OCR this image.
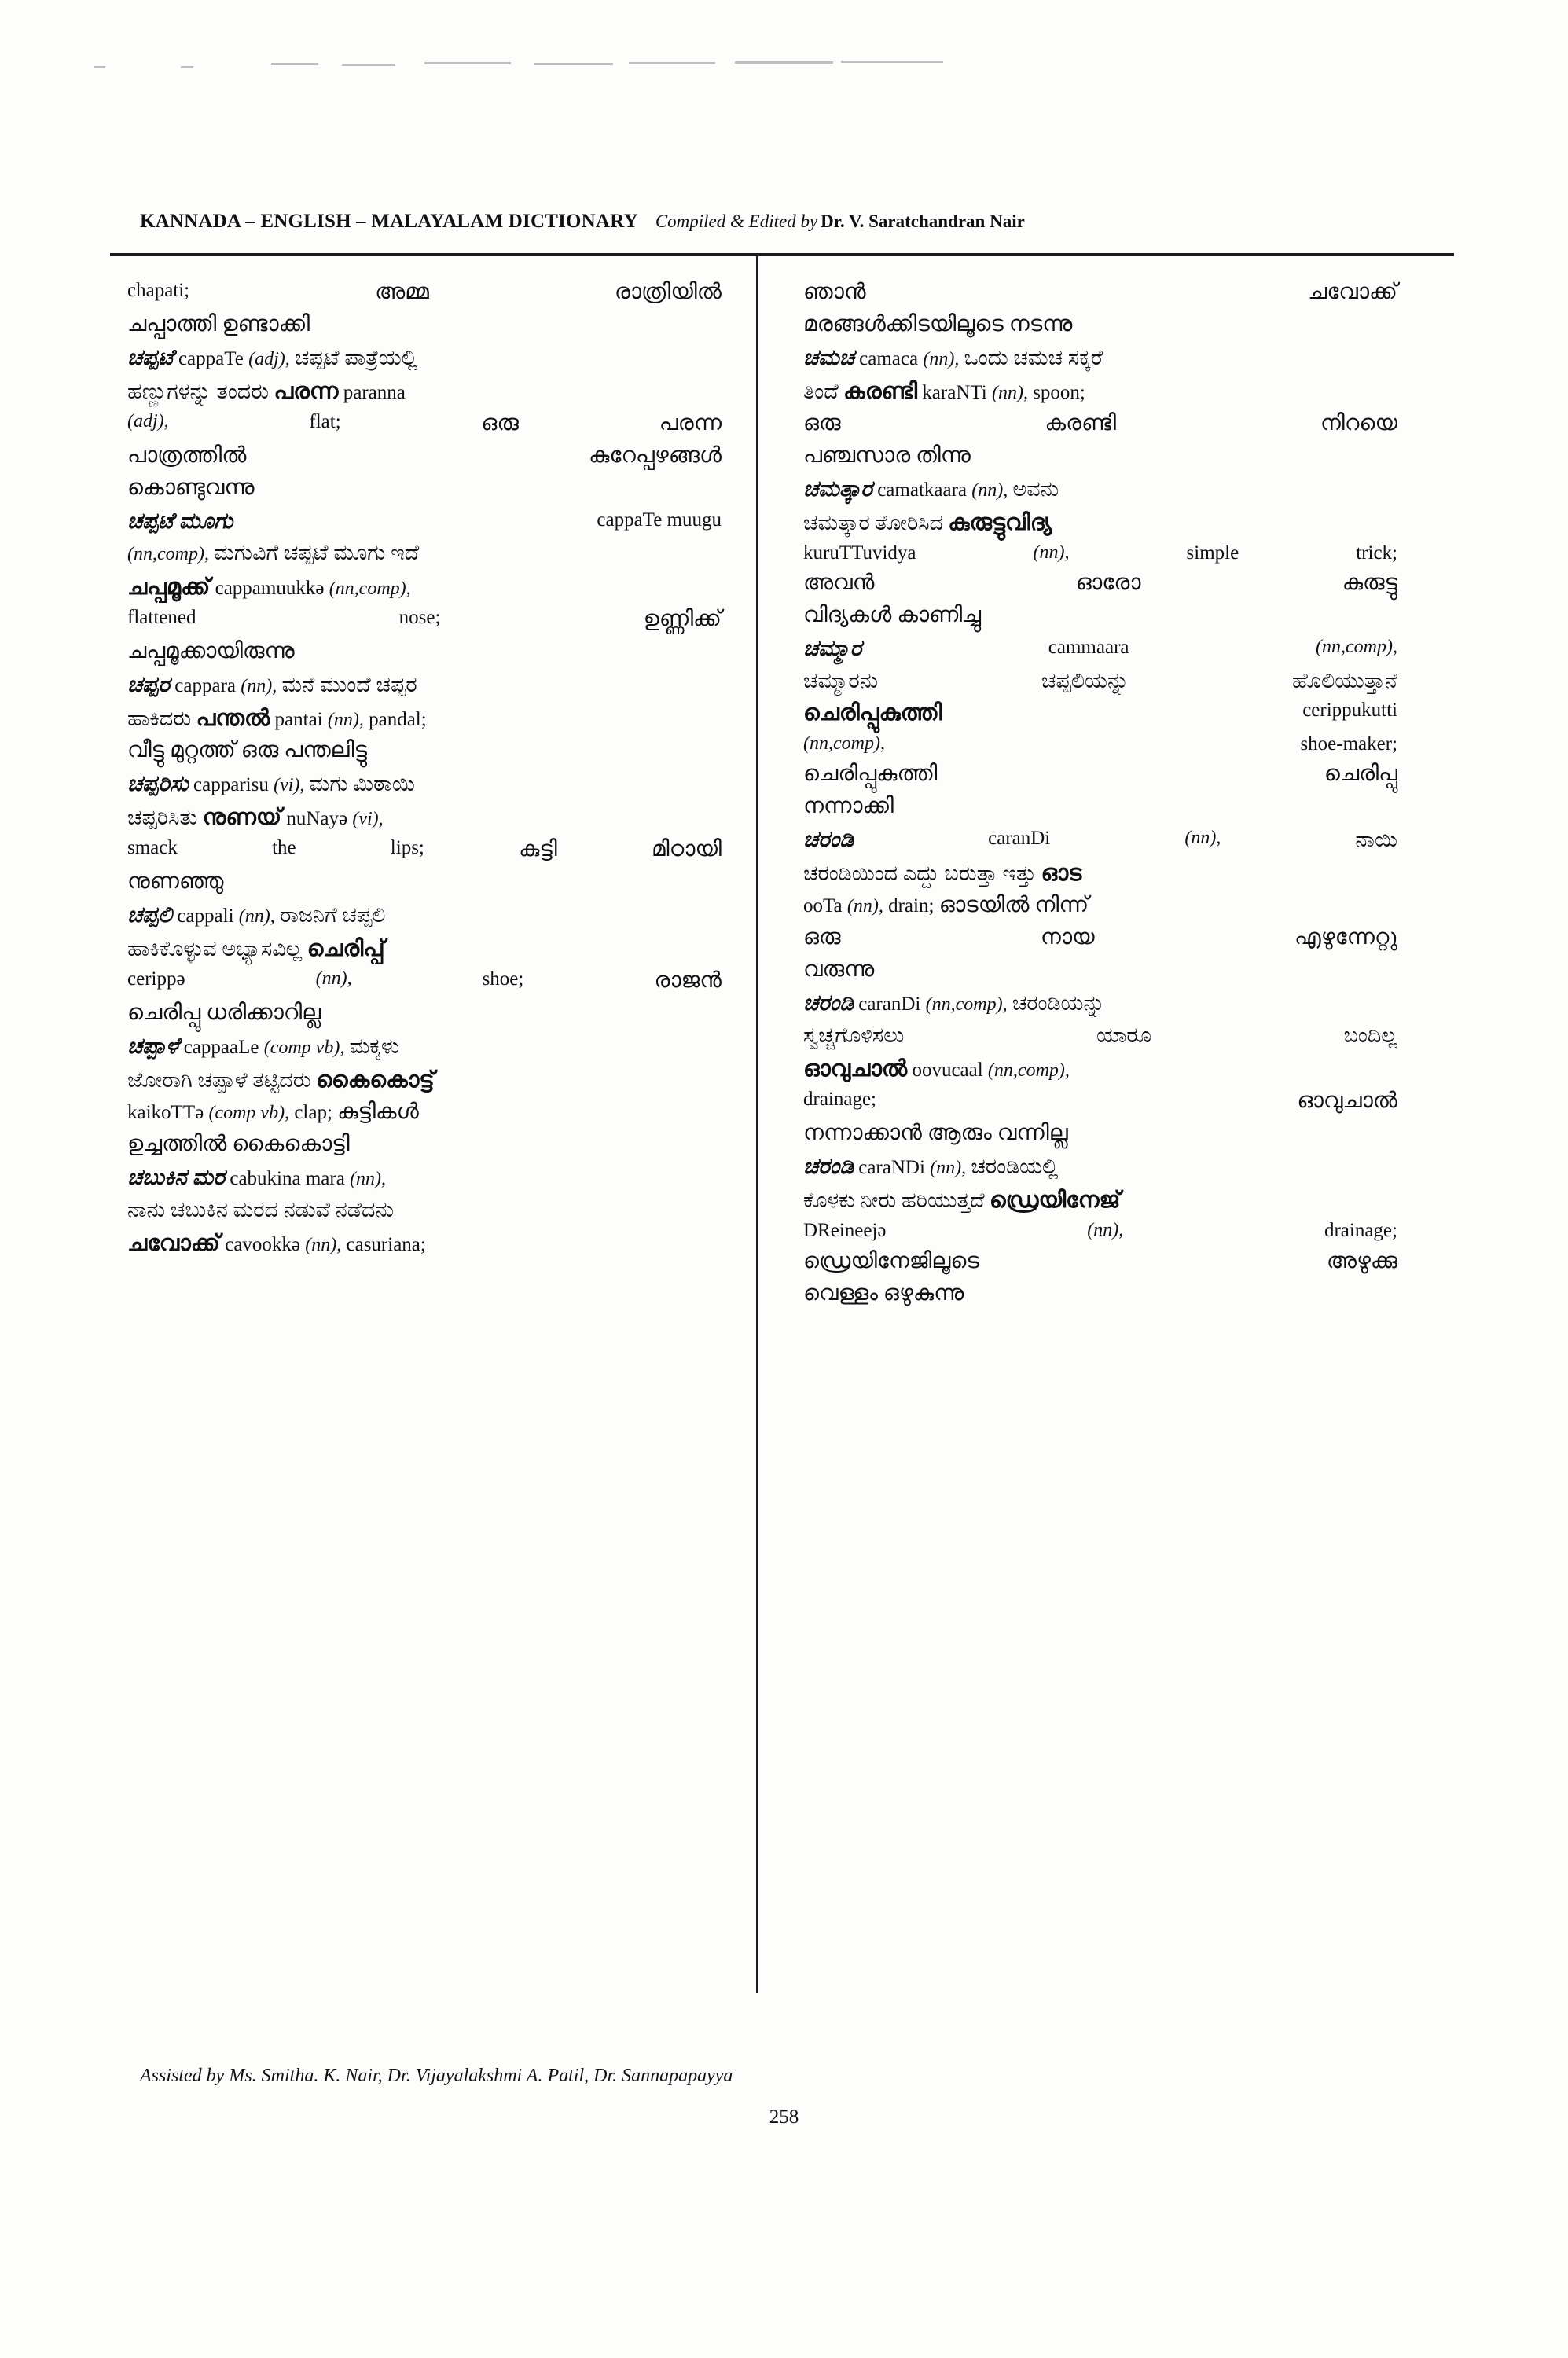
KANNADA – ENGLISH – MALAYALAM DICTIONARY Compiled & Edited by Dr. V. Saratchandran Nair
chapati;	അമ്മ	രാത്രിയിൽ
ചപ്പാത്തി ഉണ്ടാക്കി
ಚಪ್ಪಟೆ cappaTe (adj), ಚಪ್ಪಟೆ ಪಾತ್ರೆಯಲ್ಲಿ
ಹಣ್ಣುಗಳನ್ನು ತಂದರು പരന്ന paranna
(adj),	flat;	ഒരു	പരന്ന
പാത്രത്തിൽ	കുറേപ്പഴങ്ങൾ
കൊണ്ടുവന്നു
ಚಪ್ಪಟೆ ಮೂಗು	cappaTe muugu
(nn,comp), ಮಗುವಿಗೆ ಚಪ್ಪಟೆ ಮೂಗು ಇದೆ
ചപ്പമൂക്ക് cappamuukkə (nn,comp),
flattened	nose;	ഉണ്ണിക്ക്
ചപ്പമൂക്കായിരുന്നു
ಚಪ್ಪರ cappara (nn), ಮನೆ ಮುಂದೆ ಚಪ್ಪರ
ಹಾಕಿದರು പന്തൽ pantai (nn), pandal;
വീട്ടു മുറ്റത്ത് ഒരു പന്തലിട്ടു
ಚಪ್ಪರಿಸು capparisu (vi), ಮಗು ಮಿಠಾಯಿ
ಚಪ್ಪರಿಸಿತು നുണയ് nuNayə (vi),
smack	the	lips;	കുട്ടി	മിഠായി
നുണഞ്ഞു
ಚಪ್ಪಲಿ cappali (nn), ರಾಜನಿಗೆ ಚಪ್ಪಲಿ
ಹಾಕಿಕೊಳ್ಳುವ ಅಭ್ಯಾಸವಿಲ್ಲ ചെരിപ്പ്
cerippə	(nn),	shoe;	രാജൻ
ചെരിപ്പു ധരിക്കാറില്ല
ಚಪ್ಪಾಳೆ cappaaLe (comp vb), ಮಕ್ಕಳು
ಜೋರಾಗಿ ಚಪ್ಪಾಳೆ ತಟ್ಟಿದರು കൈകൊട്ട്
kaikoTTə (comp vb), clap; കുട്ടികൾ
ഉച്ചത്തിൽ കൈകൊട്ടി
ಚಬುಕಿನ ಮರ cabukina mara (nn),
ನಾನು ಚಬುಕಿನ ಮರದ ನಡುವೆ ನಡೆದನು
ചവോക്ക് cavookkə (nn), casuriana;
ഞാൻ	ചവോക്ക്
മരങ്ങൾക്കിടയിലൂടെ നടന്നു
ಚಮಚ camaca (nn), ಒಂದು ಚಮಚ ಸಕ್ಕರೆ
ತಿಂದೆ കരണ്ടി karaNTi (nn), spoon;
ഒരു	കരണ്ടി	നിറയെ
പഞ്ചസാര തിന്നു
ಚಮತ್ಕಾರ camatkaara (nn), ಅವನು
ಚಮತ್ಕಾರ ತೋರಿಸಿದ കുരുട്ടുവിദ്യ
kuruTTuvidya	(nn),	simple	trick;
അവൻ	ഓരോ	കുരുട്ടു
വിദ്യകൾ കാണിച്ചു
ಚಮ್ಮಾರ	cammaara	(nn,comp),
ಚಮ್ಮಾರನು	ಚಪ್ಪಲಿಯನ್ನು	ಹೊಲಿಯುತ್ತಾನೆ
ചെരിപ്പുകുത്തി	cerippukutti
(nn,comp),	shoe-maker;
ചെരിപ്പുകുത്തി	ചെരിപ്പു
നന്നാക്കി
ಚರಂಡಿ	caranDi	(nn),	ನಾಯಿ
ಚರಂಡಿಯಿಂದ ಎದ್ದು ಬರುತ್ತಾ ಇತ್ತು ഓട
ooTa (nn), drain; ഓടയിൽ നിന്ന്
ഒരു	നായ	എഴുന്നേറ്റു
വരുന്നു
ಚರಂಡಿ caranDi (nn,comp), ಚರಂಡಿಯನ್ನು
ಸ್ವಚ್ಚಗೊಳಿಸಲು	ಯಾರೂ	ಬಂದಿಲ್ಲ
ഓവുചാൽ oovucaal (nn,comp),
drainage;	ഓവുചാൽ
നന്നാക്കാൻ ആരും വന്നില്ല
ಚರಂಡಿ caraNDi (nn), ಚರಂಡಿಯಲ್ಲಿ
ಕೊಳಕು ನೀರು ಹರಿಯುತ್ತದೆ ഡ്രെയിനേജ്
DReineejə	(nn),	drainage;
ഡ്രെയിനേജിലൂടെ	അഴുക്കു
വെള്ളം ഒഴുകുന്നു
Assisted by Ms. Smitha. K. Nair, Dr. Vijayalakshmi A. Patil, Dr. Sannapapayya
258
